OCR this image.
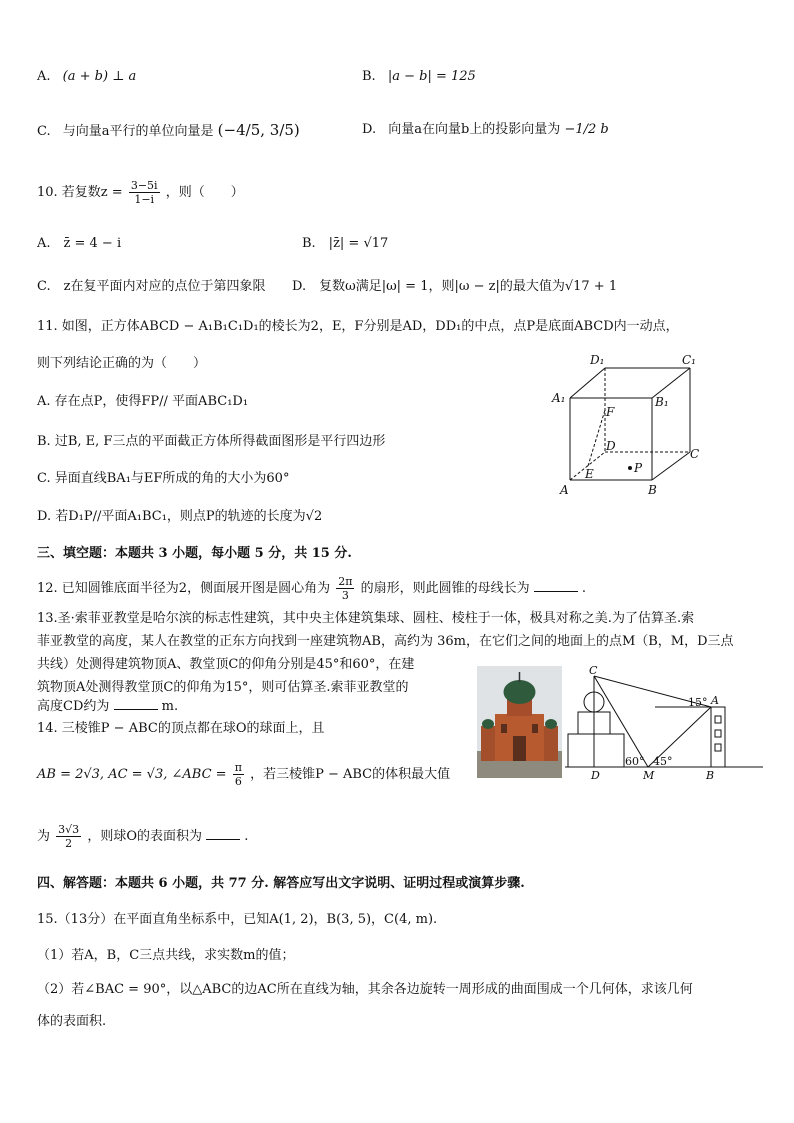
A. (a + b) ⊥ a	B. |a − b| = 125
C. 与向量a平行的单位向量是 (−4/5, 3/5)	D. 向量a在向量b上的投影向量为 −1/2 b
10. 若复数$z = \frac{3-5i}{1-i}$ ，则（　　）
A.　z̄ = 4 − i	B.　|z̄| = √17
C.　z在复平面内对应的点位于第四象限 D.　复数ω满足|ω| = 1，则|ω − z|的最大值为√17 + 1
11. 如图，正方体ABCD − A₁B₁C₁D₁的棱长为2，E，F分别是AD，DD₁的中点，点P是底面ABCD内一动点，
则下列结论正确的为（　　）
A. 存在点P，使得FP// 平面ABC₁D₁
B. 过B, E, F三点的平面截正方体所得截面图形是平行四边形
C. 异面直线BA₁与EF所成的角的大小为60°
D. 若D₁P//平面A₁BC₁，则点P的轨迹的长度为√2
D₁	C₁
A₁	B₁
F
D
C
E	P
A	B
三、填空题：本题共 3 小题，每小题 5 分，共 15 分.
12. 已知圆锥底面半径为2，侧面展开图是圆心角为 $\frac{2\pi}{3}$ 的扇形，则此圆锥的母线长为	.
13.圣·索菲亚教堂是哈尔滨的标志性建筑，其中央主体建筑集球、圆柱、棱柱于一体，极具对称之美.为了估算圣.索
菲亚教堂的高度，某人在教堂的正东方向找到一座建筑物AB，高约为 36m，在它们之间的地面上的点M（B，M，D三点
共线）处测得建筑物顶A、教堂顶C的仰角分别是45°和60°，在建
筑物顶A处测得教堂顶C的仰角为15°，则可估算圣.索菲亚教堂的
高度CD约为	m.
C
15° A
60° 45°
D	M	B
14. 三棱锥P − ABC的顶点都在球O的球面上，且
AB = 2√3, AC = √3, ∠ABC = $\frac{\pi}{6}$ ，若三棱锥P − ABC的体积最大值
为 $\frac{3√3}{2}$ ，则球O的表面积为	.
四、解答题：本题共 6 小题，共 77 分. 解答应写出文字说明、证明过程或演算步骤.
15.（13分）在平面直角坐标系中，已知A(1, 2)，B(3, 5)，C(4, m).
（1）若A，B，C三点共线，求实数m的值；
（2）若∠BAC = 90°，以△ABC的边AC所在直线为轴，其余各边旋转一周形成的曲面围成一个几何体，求该几何
体的表面积.
